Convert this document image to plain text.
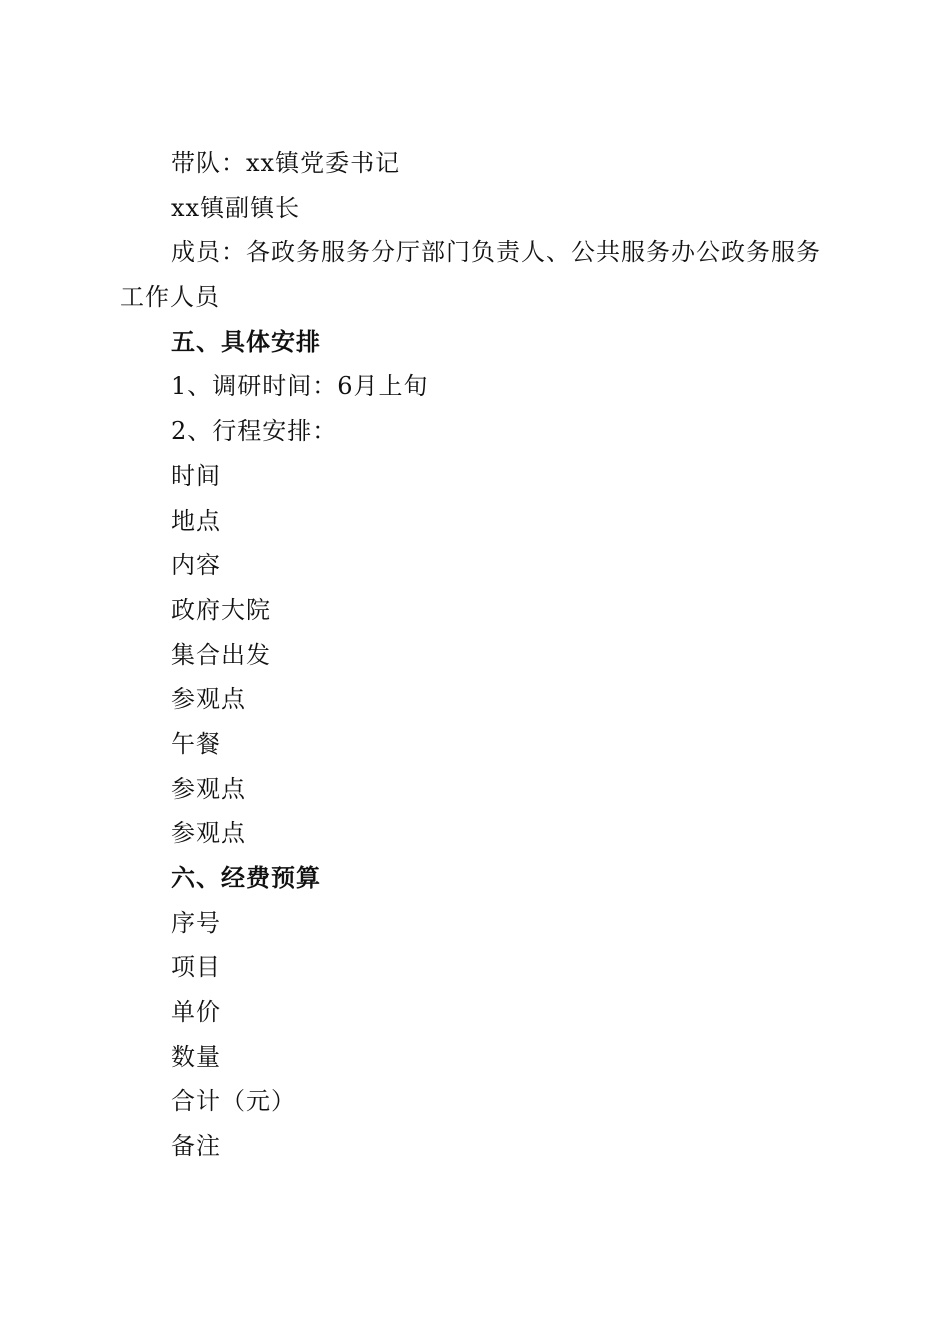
带队：xx镇党委书记
xx镇副镇长
成员：各政务服务分厅部门负责人、公共服务办公政务服务工作人员
五、具体安排
1、调研时间：6月上旬
2、行程安排：
时间
地点
内容
政府大院
集合出发
参观点
午餐
参观点
参观点
六、经费预算
序号
项目
单价
数量
合计（元）
备注
